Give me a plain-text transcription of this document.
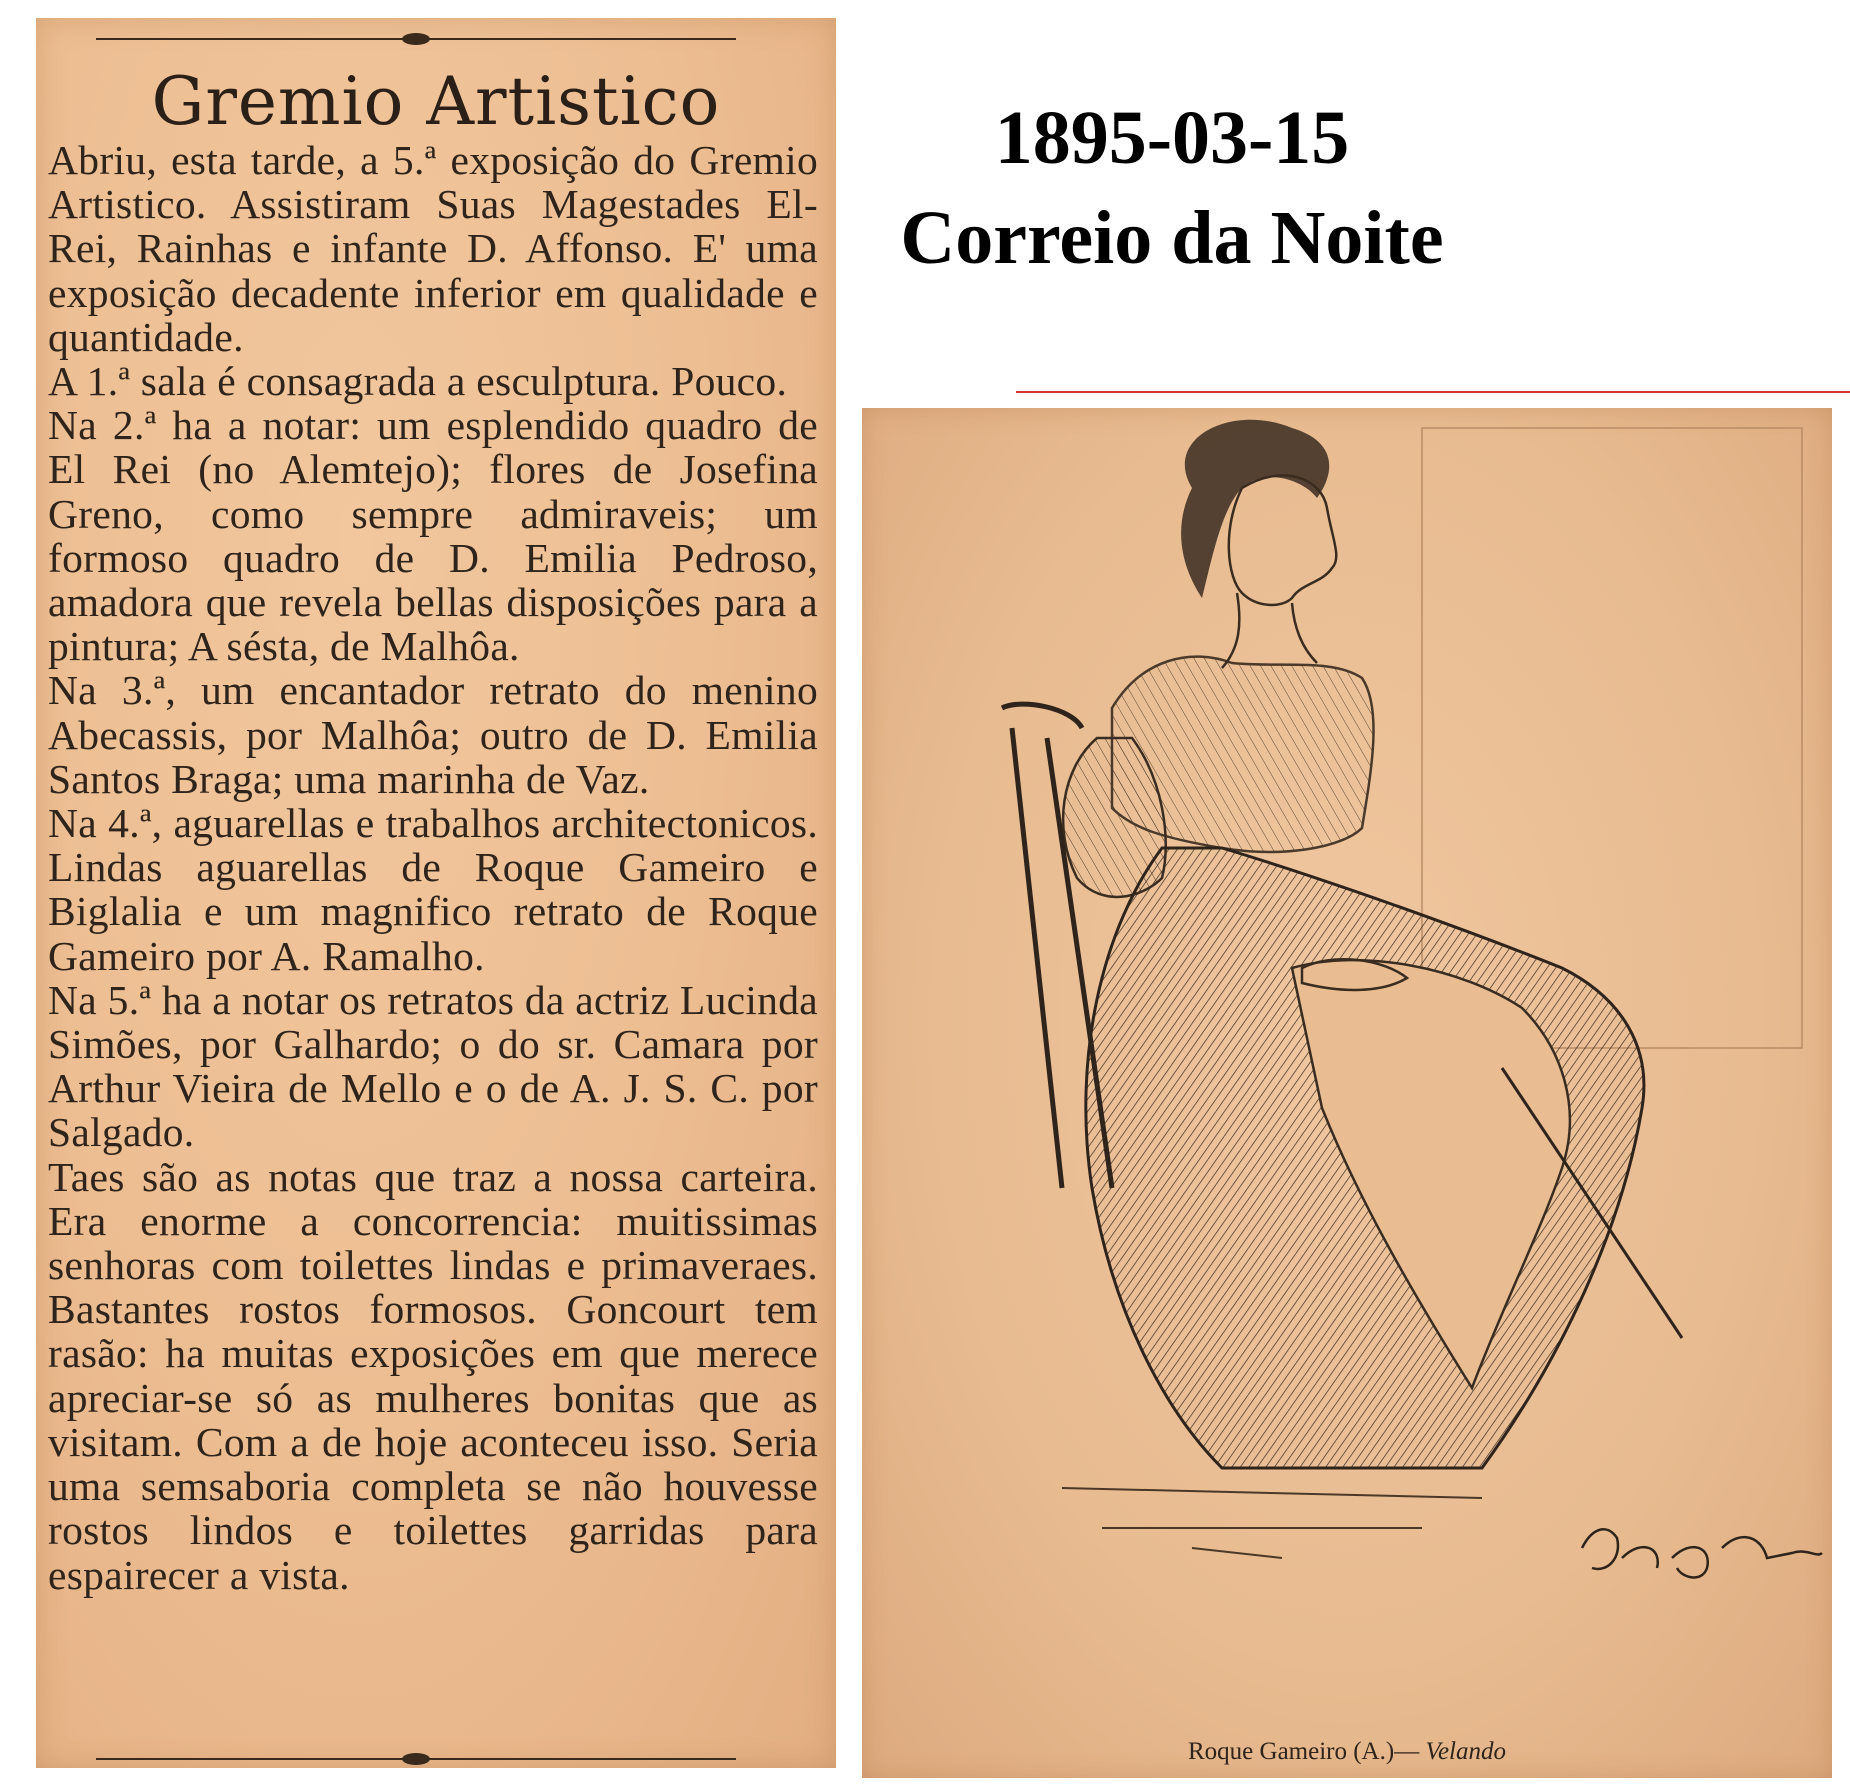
Gremio Artistico

Abriu, esta tarde, a 5.ª exposição do Gremio Artistico. Assistiram Suas Magestades El-Rei, Rainhas e infante D. Affonso. E' uma exposição decadente inferior em qualidade e quantidade.

A 1.ª sala é consagrada a esculptura. Pouco.

Na 2.ª ha a notar: um esplendido quadro de El Rei (no Alemtejo); flores de Josefina Greno, como sempre admiraveis; um formoso quadro de D. Emilia Pedroso, amadora que revela bellas disposições para a pintura; A sésta, de Malhôa.

Na 3.ª, um encantador retrato do menino Abecassis, por Malhôa; outro de D. Emilia Santos Braga; uma marinha de Vaz.

Na 4.ª, aguarellas e trabalhos architectonicos. Lindas aguarellas de Roque Gameiro e Biglalia e um magnifico retrato de Roque Gameiro por A. Ramalho.

Na 5.ª ha a notar os retratos da actriz Lucinda Simões, por Galhardo; o do sr. Camara por Arthur Vieira de Mello e o de A. J. S. C. por Salgado.

Taes são as notas que traz a nossa carteira. Era enorme a concorrencia: muitissimas senhoras com toilettes lindas e primaveraes. Bastantes rostos formosos. Goncourt tem rasão: ha muitas exposições em que merece apreciar-se só as mulheres bonitas que as visitam. Com a de hoje aconteceu isso. Seria uma semsaboria completa se não houvesse rostos lindos e toilettes garridas para espairecer a vista.

1895-03-15
Correio da Noite
Roque Gameiro (A.)— Velando
